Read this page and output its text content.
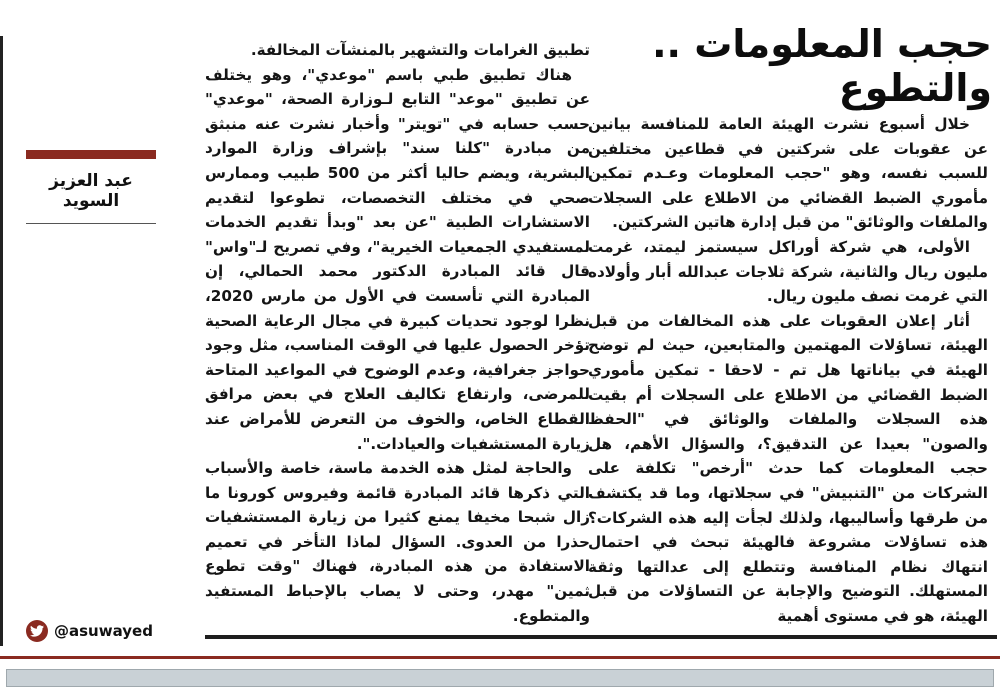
عبد العزيز السويد
@asuwayed
حجب المعلومات .. والتطوع

خلال أسبوع نشرت الهيئة العامة للمنافسة بيانين عن عقوبات على شركتين في قطاعين مختلفين للسبب نفسه، وهو "حجب المعلومات وعـدم تمكين مأموري الضبط القضائي من الاطلاع على السجلات والملفات والوثائق" من قبل إدارة هاتين الشركتين.

الأولى، هي شركة أوراكل سيستمز ليمتد، غرمت مليون ريال والثانية، شركة ثلاجات عبدالله أبار وأولاده التي غرمت نصف مليون ريال.

أثار إعلان العقوبات على هذه المخالفات من قبل الهيئة، تساؤلات المهتمين والمتابعين، حيث لم توضح الهيئة في بياناتها هل تم - لاحقا - تمكين مأموري الضبط القضائي من الاطلاع على السجلات أم بقيت هذه السجلات والملفات والوثائق في "الحفظ والصون" بعيدا عن التدقيق؟، والسؤال الأهم، هل حجب المعلومات كما حدث "أرخص" تكلفة على الشركات من "التنبيش" في سجلاتها، وما قد يكتشف من طرقها وأساليبها، ولذلك لجأت إليه هذه الشركات؟ هذه تساؤلات مشروعة فالهيئة تبحث في احتمال انتهاك نظام المنافسة وتتطلع إلى عدالتها وثقة المستهلك. التوضيح والإجابة عن التساؤلات من قبل الهيئة، هو في مستوى أهمية

تطبيق الغرامات والتشهير بالمنشآت المخالفة.

هناك تطبيق طبي باسم "موعدي"، وهو يختلف عن تطبيق "موعد" التابع لـوزارة الصحة، "موعدي" حسب حسابه في "تويتر" وأخبار نشرت عنه منبثق من مبادرة "كلنا سند" بإشراف وزارة الموارد البشرية، ويضم حاليا أكثر من 500 طبيب وممارس صحي في مختلف التخصصات، تطوعوا لتقديم الاستشارات الطبية "عن بعد "وبدأ تقديم الخدمات لمستفيدي الجمعيات الخيرية"، وفي تصريح لـ"واس" قال قائد المبادرة الدكتور محمد الحمالي، إن المبادرة التي تأسست في الأول من مارس 2020، نظرا لوجود تحديات كبيرة في مجال الرعاية الصحية تؤخر الحصول عليها في الوقت المناسب، مثل وجود حواجز جغرافية، وعدم الوضوح في المواعيد المتاحة للمرضى، وارتفاع تكاليف العلاج في بعض مرافق القطاع الخاص، والخوف من التعرض للأمراض عند زيارة المستشفيات والعيادات.".

والحاجة لمثل هذه الخدمة ماسة، خاصة والأسباب التي ذكرها قائد المبادرة قائمة وفيروس كورونا ما زال شبحا مخيفا يمنع كثيرا من زيارة المستشفيات حذرا من العدوى. السؤال لماذا التأخر في تعميم الاستفادة من هذه المبادرة، فهناك "وقت تطوع ثمين" مهدر، وحتى لا يصاب بالإحباط المستفيد والمتطوع.
